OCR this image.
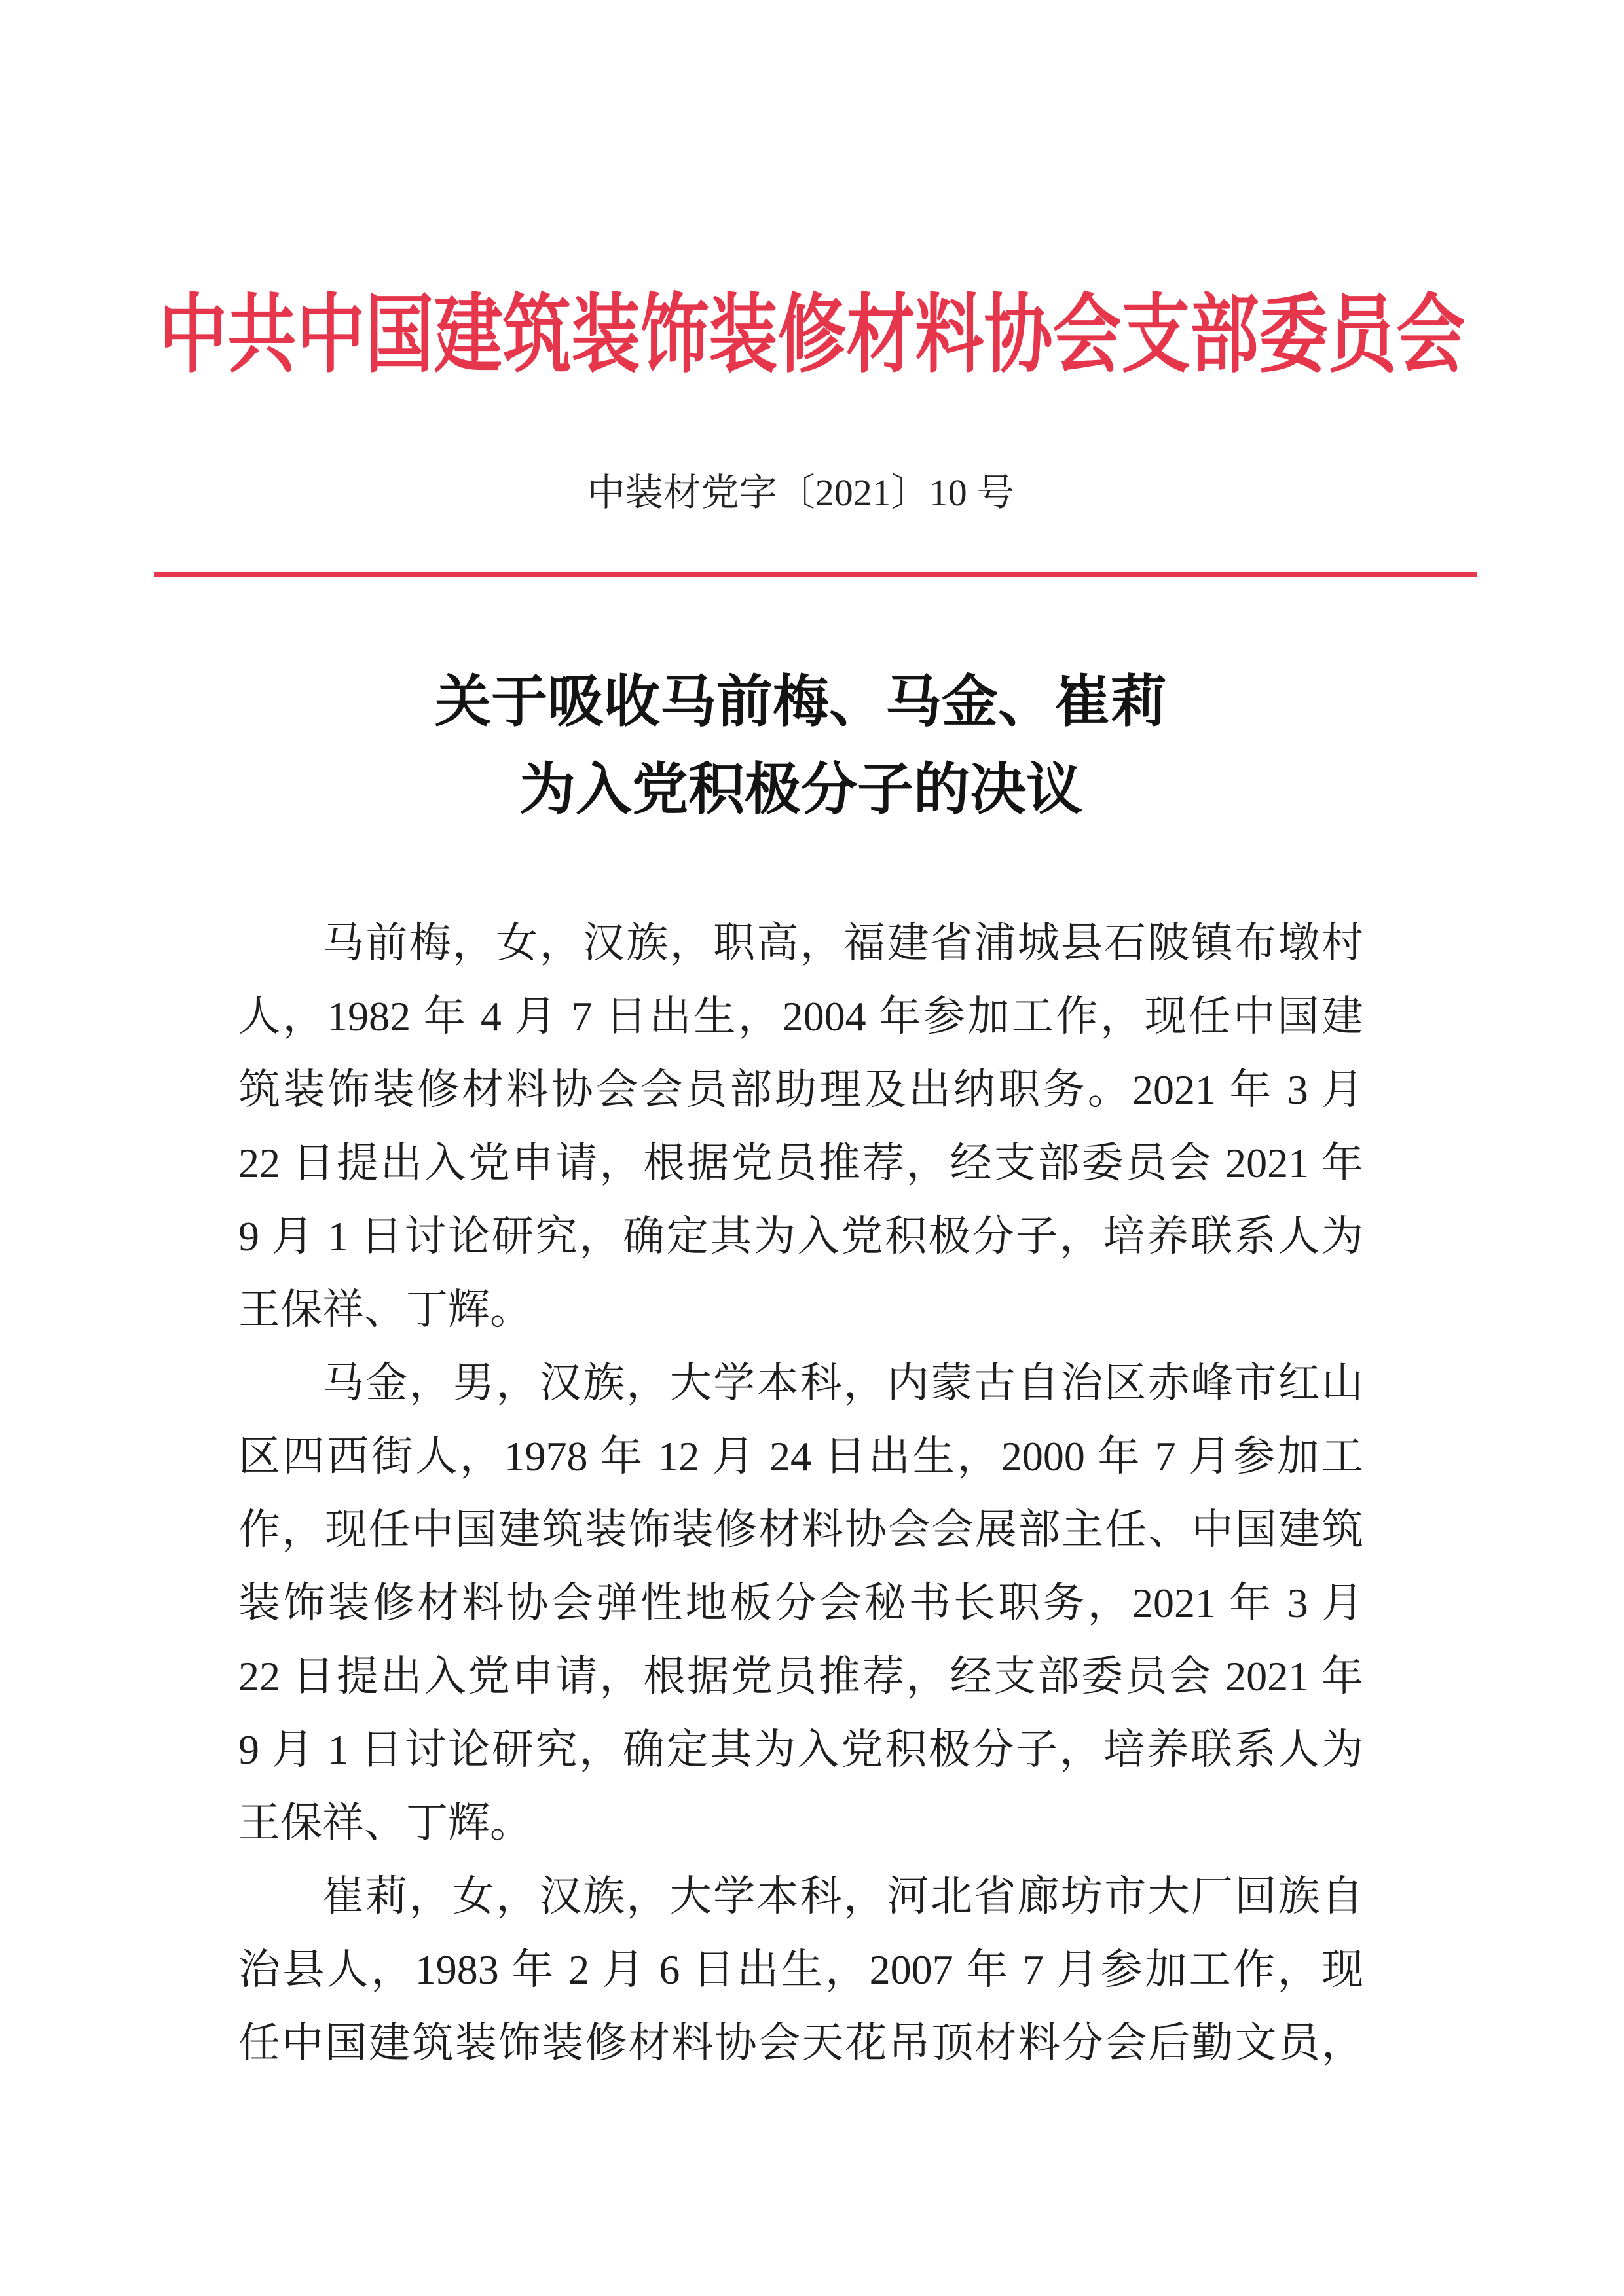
中共中国建筑装饰装修材料协会支部委员会
中装材党字〔2021〕10 号
关于吸收马前梅、马金、崔莉
为入党积极分子的决议
马前梅，女，汉族，职高，福建省浦城县石陂镇布墩村
人，1982 年 4 月 7 日出生，2004 年参加工作，现任中国建
筑装饰装修材料协会会员部助理及出纳职务。2021 年 3 月
22 日提出入党申请，根据党员推荐，经支部委员会 2021 年
9 月 1 日讨论研究，确定其为入党积极分子，培养联系人为
王保祥、丁辉。
马金，男，汉族，大学本科，内蒙古自治区赤峰市红山
区四西街人，1978 年 12 月 24 日出生，2000 年 7 月参加工
作，现任中国建筑装饰装修材料协会会展部主任、中国建筑
装饰装修材料协会弹性地板分会秘书长职务，2021 年 3 月
22 日提出入党申请，根据党员推荐，经支部委员会 2021 年
9 月 1 日讨论研究，确定其为入党积极分子，培养联系人为
王保祥、丁辉。
崔莉，女，汉族，大学本科，河北省廊坊市大厂回族自
治县人，1983 年 2 月 6 日出生，2007 年 7 月参加工作，现
任中国建筑装饰装修材料协会天花吊顶材料分会后勤文员，
